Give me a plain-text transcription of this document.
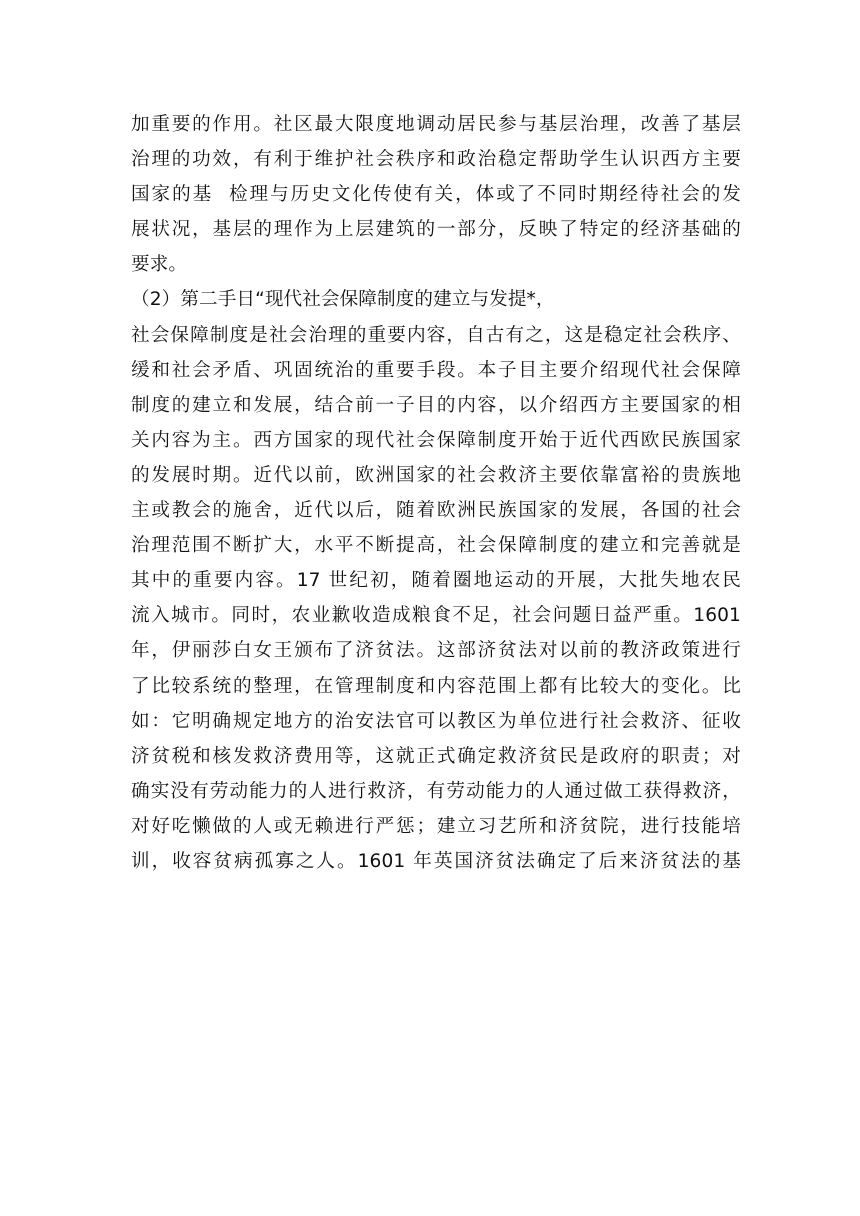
加重要的作用。社区最大限度地调动居民参与基层治理，改善了基层
治理的功效，有利于维护社会秩序和政治稳定帮助学生认识西方主要
国家的基  检理与历史文化传使有关，体或了不同时期经待社会的发
展状况，基层的理作为上层建筑的一部分，反映了特定的经济基础的
要求。
（2）第二手日“现代社会保障制度的建立与发提*，
社会保障制度是社会治理的重要内容，自古有之，这是稳定社会秩序、
缓和社会矛盾、巩固统治的重要手段。本子目主要介绍现代社会保障
制度的建立和发展，结合前一子目的内容，以介绍西方主要国家的相
关内容为主。西方国家的现代社会保障制度开始于近代西欧民族国家
的发展时期。近代以前，欧洲国家的社会救济主要依靠富裕的贵族地
主或教会的施舍，近代以后，随着欧洲民族国家的发展，各国的社会
治理范围不断扩大，水平不断提高，社会保障制度的建立和完善就是
其中的重要内容。17 世纪初，随着圈地运动的开展，大批失地农民
流入城市。同时，农业歉收造成粮食不足，社会问题日益严重。1601
年，伊丽莎白女王颁布了济贫法。这部济贫法对以前的教济政策进行
了比较系统的整理，在管理制度和内容范围上都有比较大的变化。比
如：它明确规定地方的治安法官可以教区为单位进行社会救济、征收
济贫税和核发救济费用等，这就正式确定救济贫民是政府的职责；对
确实没有劳动能力的人进行救济，有劳动能力的人通过做工获得救济，
对好吃懒做的人或无赖进行严惩；建立习艺所和济贫院，进行技能培
训，收容贫病孤寡之人。1601 年英国济贫法确定了后来济贫法的基
